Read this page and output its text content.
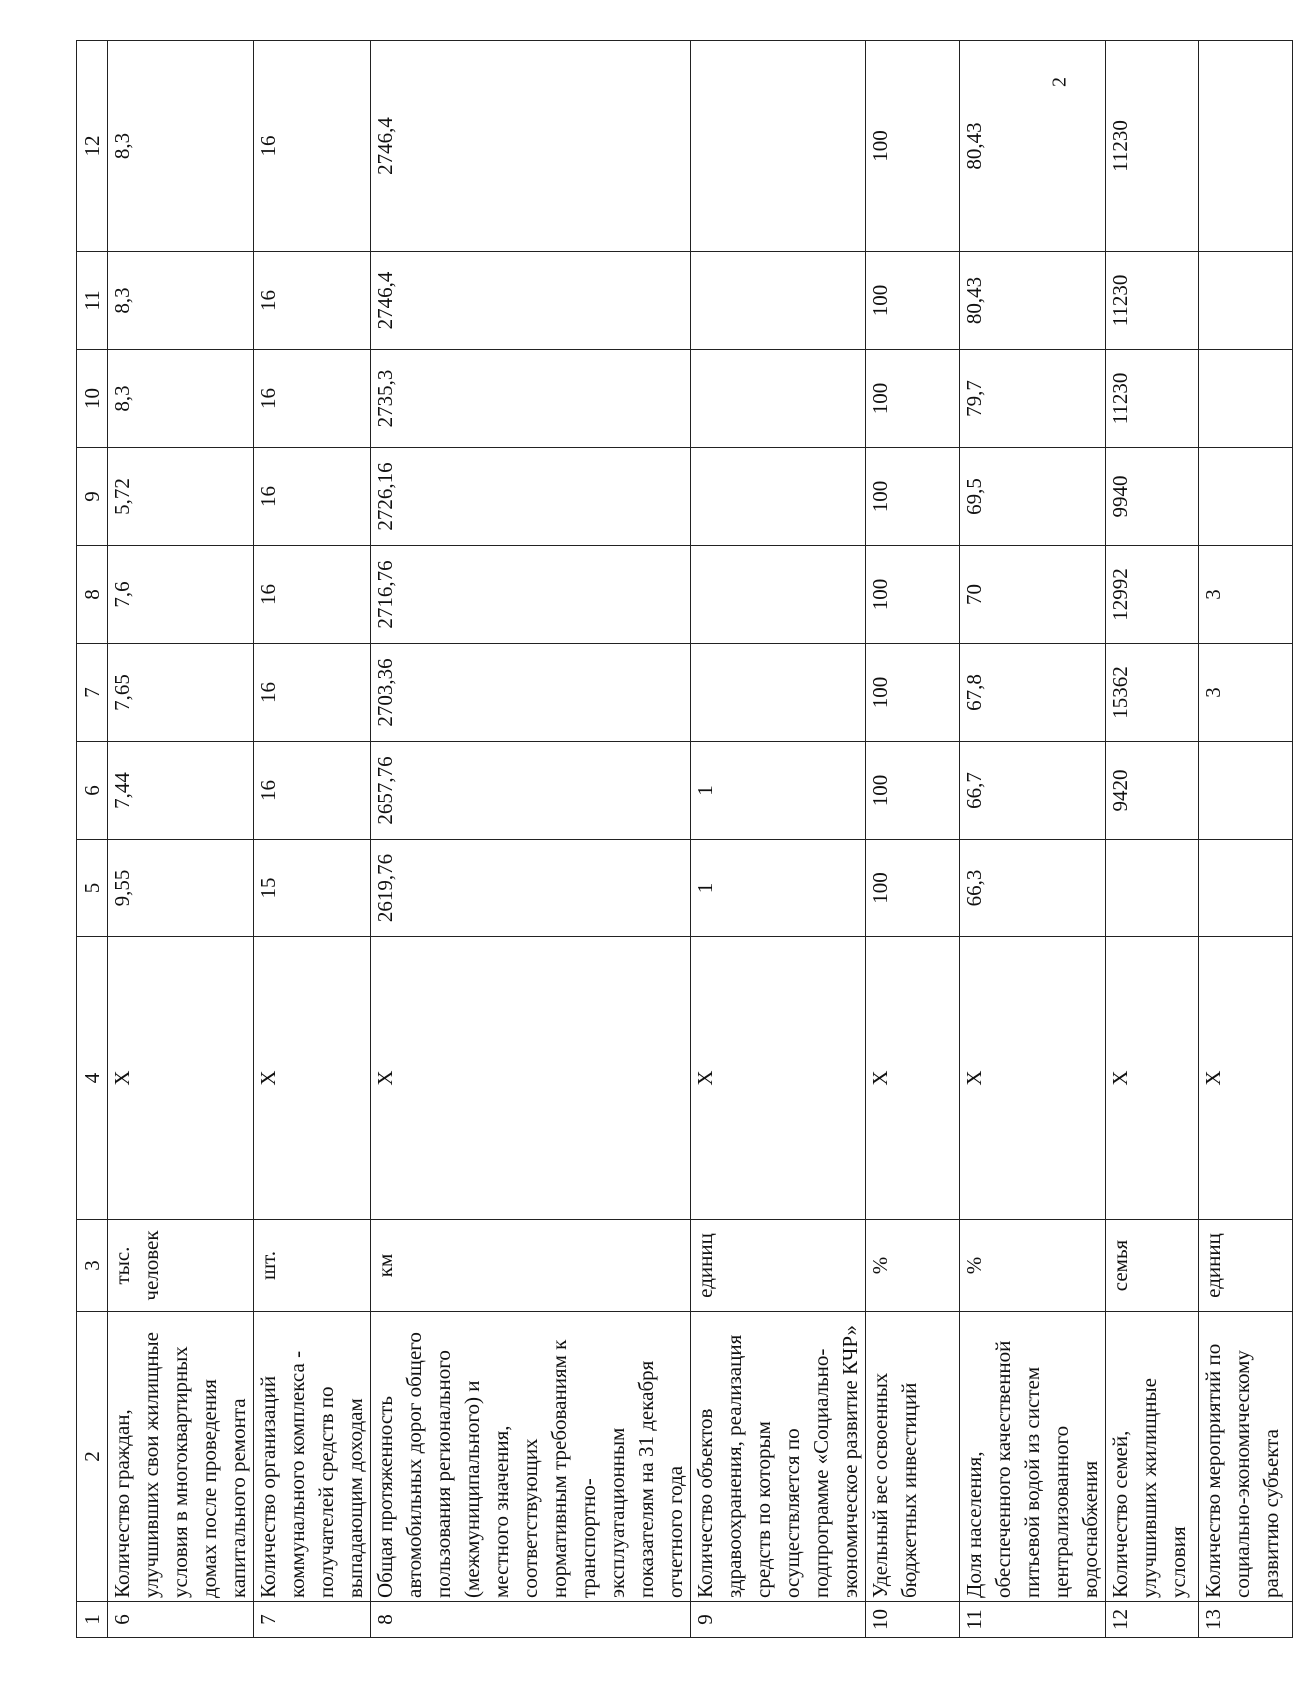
2
1	2	3	4	5	6	7	8	9	10	11	12
6	Количество граждан, улучшивших свои жилищные условия в многоквартирных домах после проведения капитального ремонта	тыс. человек	Х	9,55	7,44	7,65	7,6	5,72	8,3	8,3	8,3
7	Количество организаций коммунального комплекса - получателей средств по выпадающим доходам	шт.	Х	15	16	16	16	16	16	16	16
8	Общая протяженность автомобильных дорог общего пользования регионального (межмуниципального) и местного значения, соответствующих нормативным требованиям к транспортно-эксплуатационным показателям на 31 декабря отчетного года	км	Х	2619,76	2657,76	2703,36	2716,76	2726,16	2735,3	2746,4	2746,4
9	Количество объектов здравоохранения, реализация средств по которым осуществляется по подпрограмме «Социально-экономическое развитие КЧР»	единиц	Х	1	1						
10	Удельный вес освоенных бюджетных инвестиций	%	Х	100	100	100	100	100	100	100	100
11	Доля населения, обеспеченного качественной питьевой водой из систем централизованного водоснабжения	%	Х	66,3	66,7	67,8	70	69,5	79,7	80,43	80,43
12	Количество семей, улучшивших жилищные условия	семья	Х		9420	15362	12992	9940	11230	11230	11230
13	Количество мероприятий по социально-экономическому развитию субъекта	единиц	Х			3	3				
